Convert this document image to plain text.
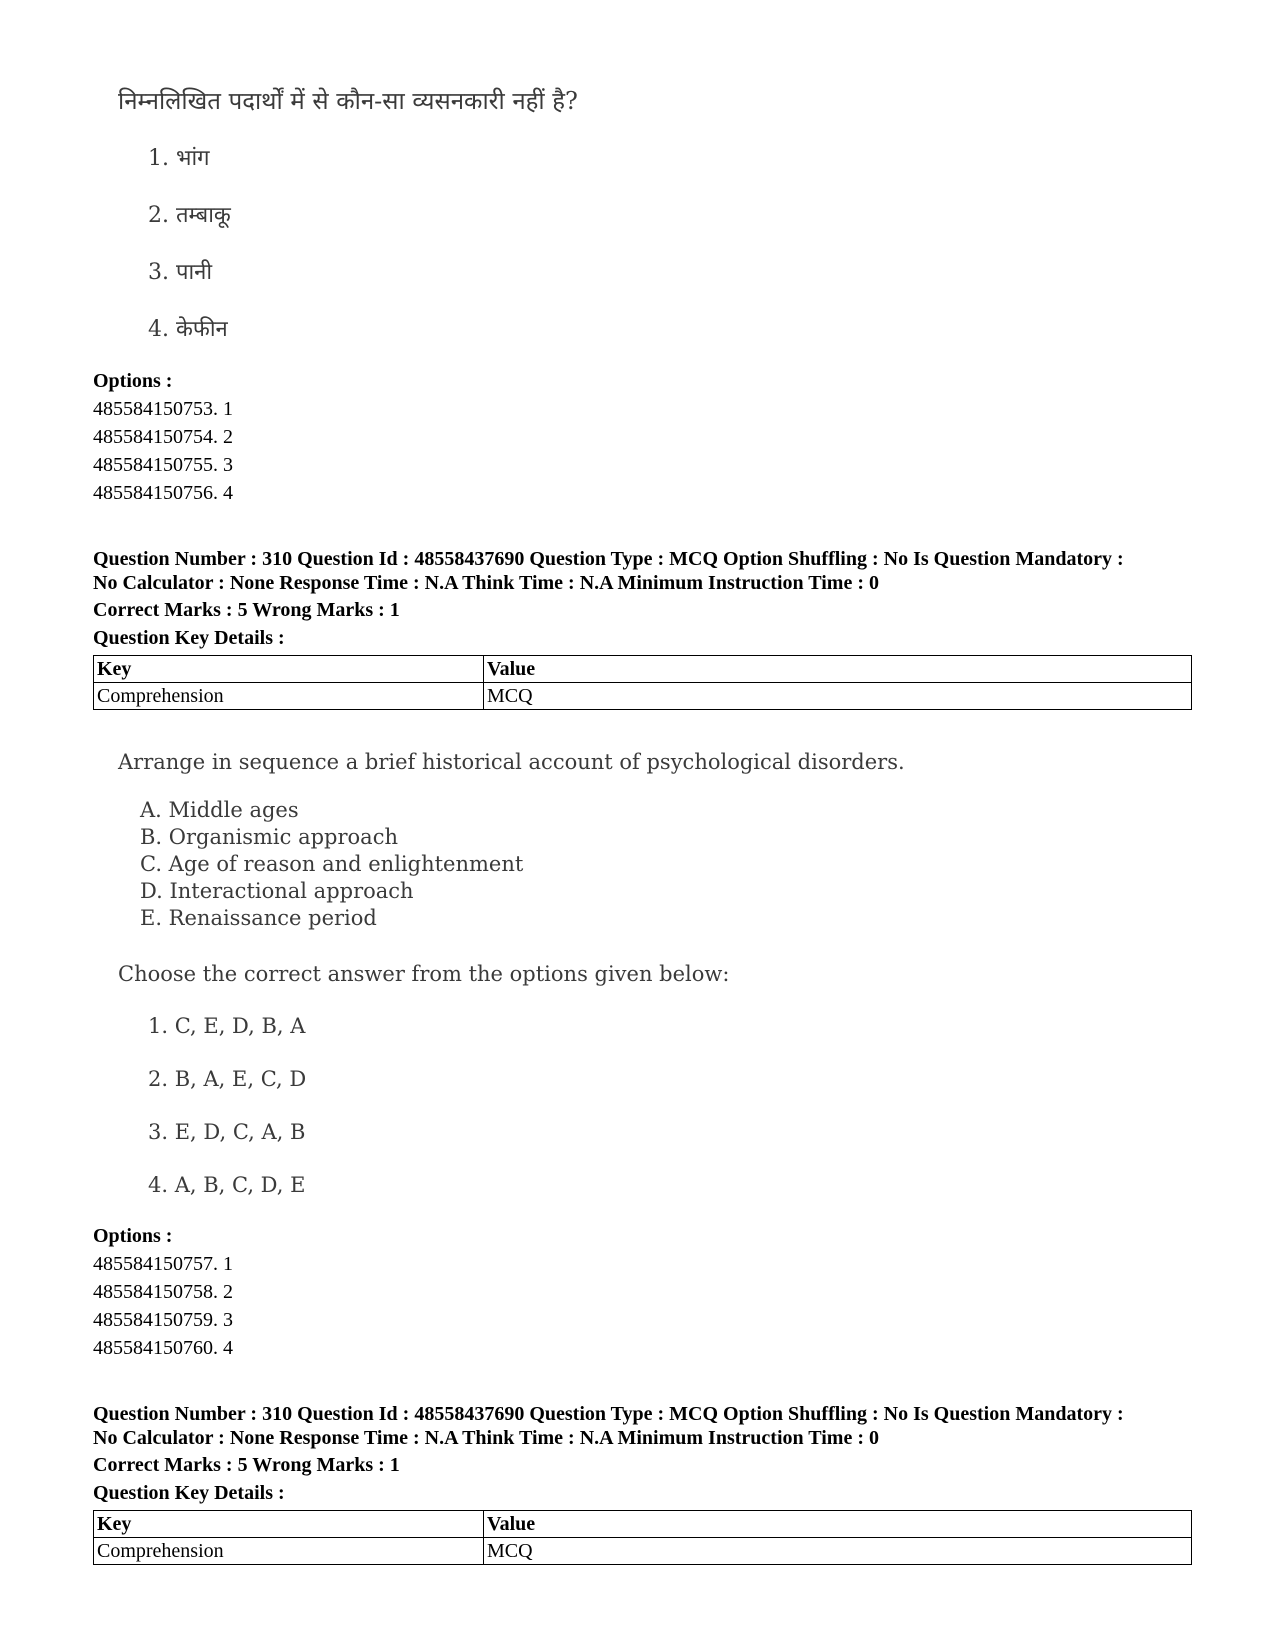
निम्नलिखित पदार्थों में से कौन-सा व्यसनकारी नहीं है?
1. भांग
2. तम्बाकू
3. पानी
4. केफीन
Options :
485584150753. 1
485584150754. 2
485584150755. 3
485584150756. 4
Question Number : 310 Question Id : 48558437690 Question Type : MCQ Option Shuffling : No Is Question Mandatory :
No Calculator : None Response Time : N.A Think Time : N.A Minimum Instruction Time : 0
Correct Marks : 5 Wrong Marks : 1
Question Key Details :
Key	Value
Comprehension	MCQ
Arrange in sequence a brief historical account of psychological disorders.
A. Middle ages
B. Organismic approach
C. Age of reason and enlightenment
D. Interactional approach
E. Renaissance period
Choose the correct answer from the options given below:
1. C, E, D, B, A
2. B, A, E, C, D
3. E, D, C, A, B
4. A, B, C, D, E
Options :
485584150757. 1
485584150758. 2
485584150759. 3
485584150760. 4
Question Number : 310 Question Id : 48558437690 Question Type : MCQ Option Shuffling : No Is Question Mandatory :
No Calculator : None Response Time : N.A Think Time : N.A Minimum Instruction Time : 0
Correct Marks : 5 Wrong Marks : 1
Question Key Details :
Key	Value
Comprehension	MCQ
